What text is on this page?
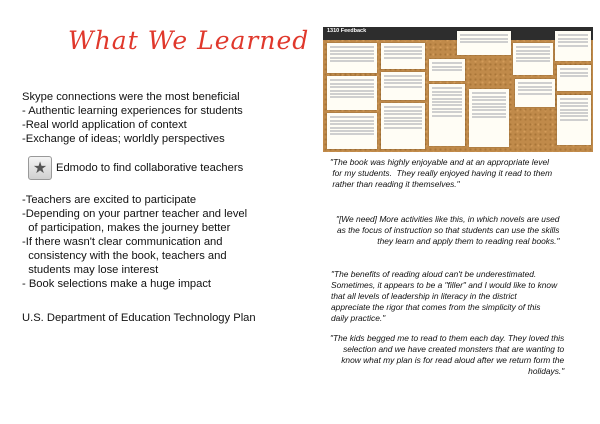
What We Learned

Skype connections were the most beneficial

- Authentic learning experiences for students

-Real world application of context

-Exchange of ideas; worldly perspectives

★ Edmodo to find collaborative teachers

-Teachers are excited to participate

-Depending on your partner teacher and level

of participation, makes the journey better

-If there wasn't clear communication and

consistency with the book, teachers and

students may lose interest

- Book selections make a huge impact

U.S. Department of Education Technology Plan

1310 Feedback

"The book was highly enjoyable and at an appropriate level
for my students.  They really enjoyed having it read to them
rather than reading it themselves."

"[We need] More activities like this, in which novels are used
as the focus of instruction so that students can use the skills
they learn and apply them to reading real books."

"The benefits of reading aloud can't be underestimated.
Sometimes, it appears to be a "filler" and I would like to know
that all levels of leadership in literacy in the district
appreciate the rigor that comes from the simplicity of this
daily practice."

"The kids begged me to read to them each day. They loved this
selection and we have created monsters that are wanting to
know what my plan is for read aloud after we return form the
holidays."
